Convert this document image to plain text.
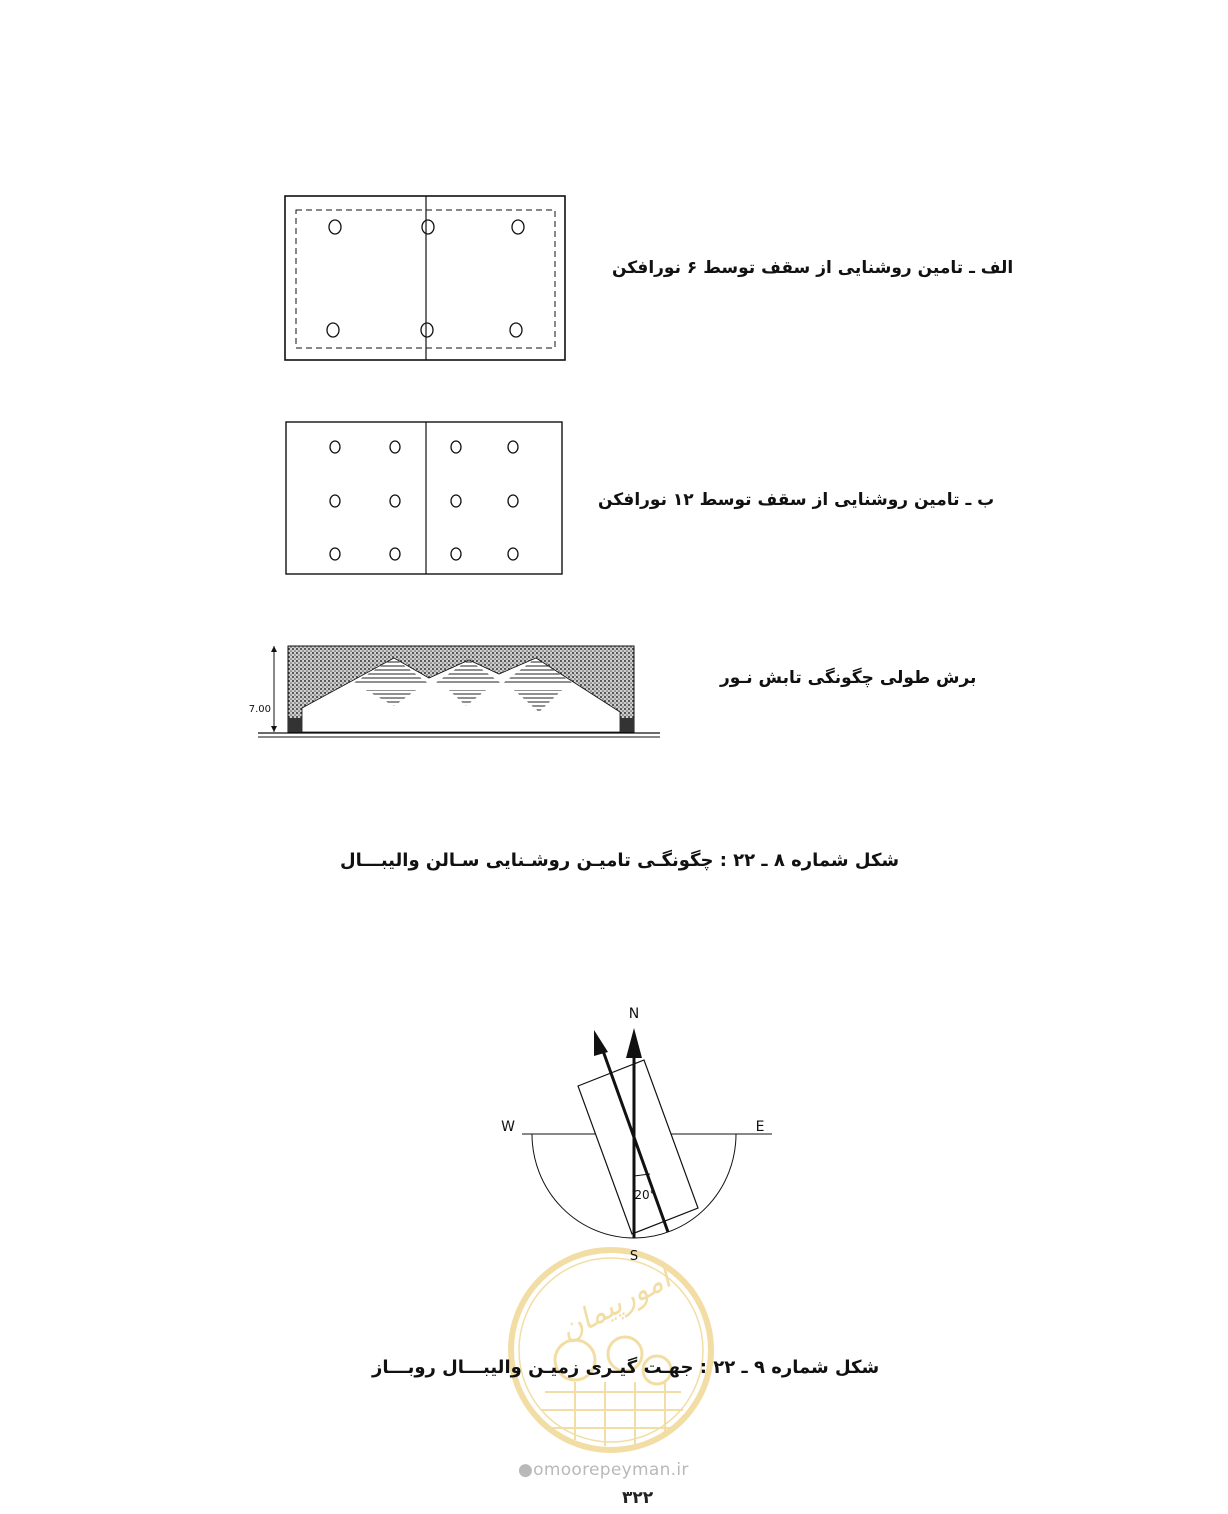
الف ـ تامین روشنایی از سقف توسط ۶ نورافکن
ب ـ تامین روشنایی از سقف توسط ۱۲ نورافکن
7.00
برش طولی چگونگی تابش نـور
شکل شماره ۸ ـ ۲۲ : چگونگـی تامیـن روشـنایی سـالن والیبـــال
امورپیمان
N
W	E
S
20°
شکل شماره ۹ ـ ۲۲ : جهـت گیـری زمیـن والیبـــال روبـــاز
●omoorepeyman.ir
۳۲۲
